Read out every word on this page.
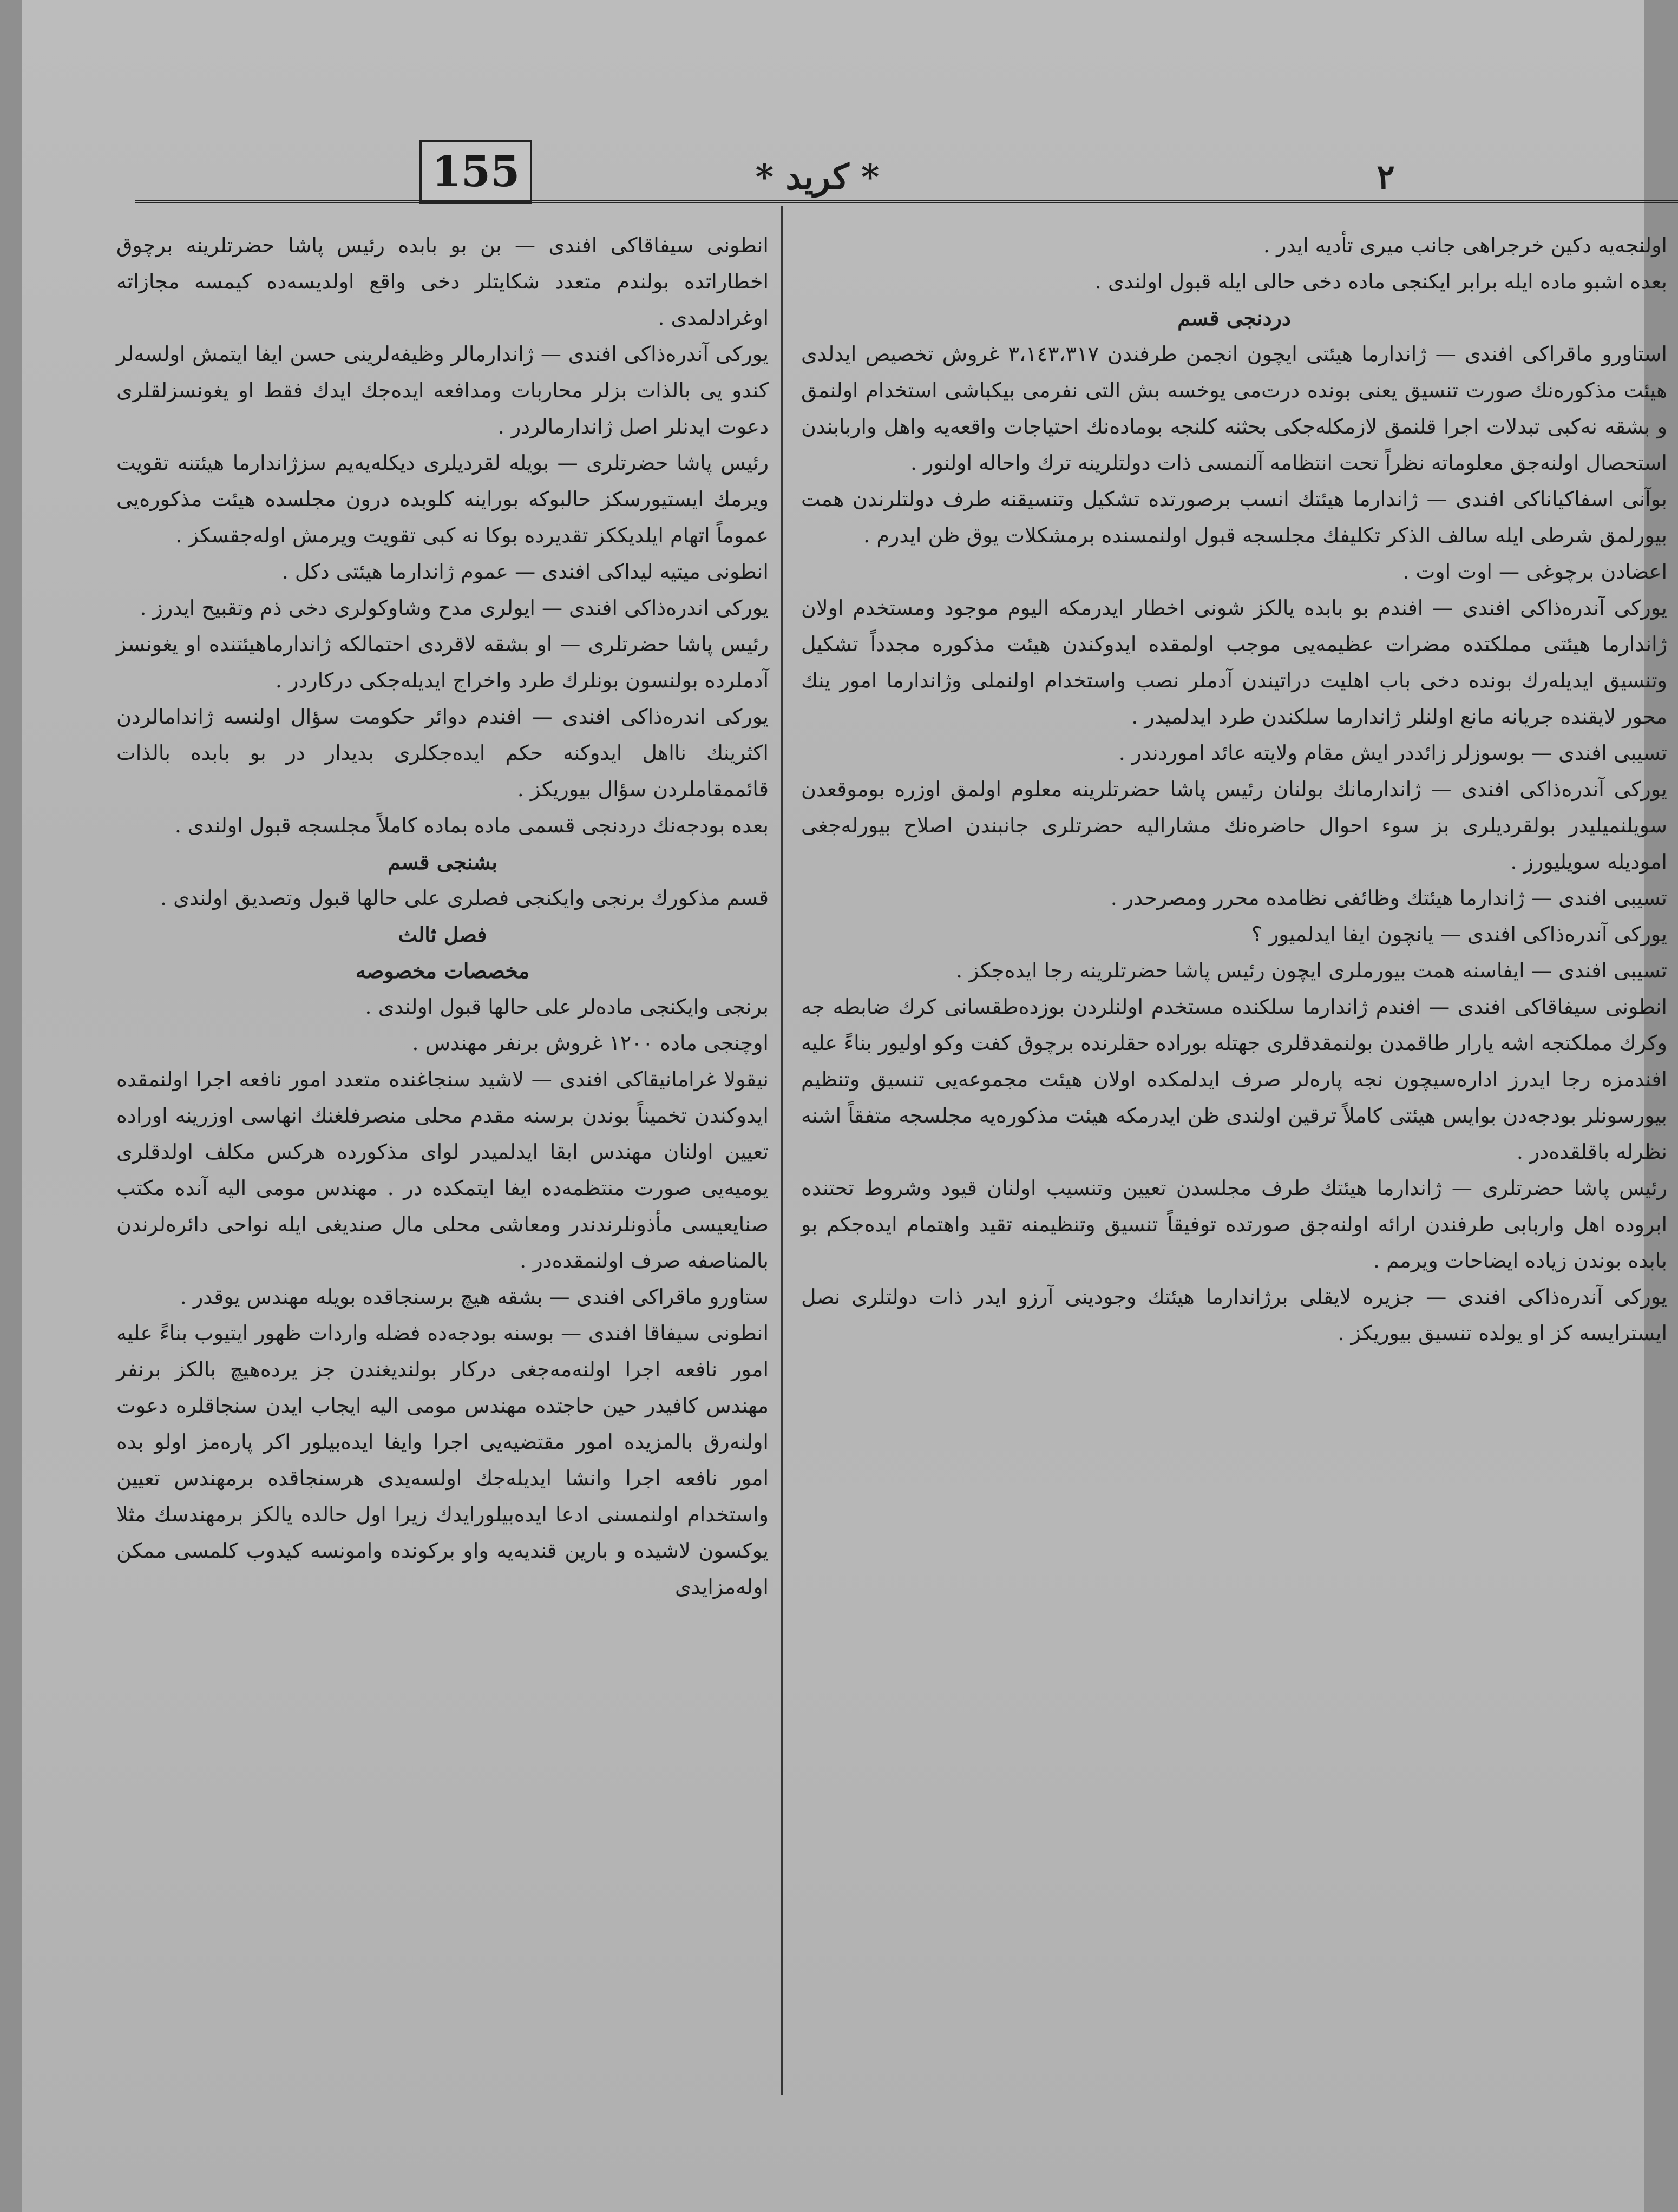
155	* کرید *	٢

اولنجه‌یه دکین خرجراهی جانب میری تأدیه ایدر .

بعده اشبو ماده ایله برابر ایکنجی ماده دخی حالی ایله قبول اولندی .

دردنجی قسم

استاورو ماقراکی افندی — ژاندارما هیئتی ایچون انجمن طرفندن ٣،١٤٣،٣١٧ غروش تخصیص ایدلدی هیئت مذکوره‌نك صورت تنسیق یعنی بونده درت‌می یوخسه بش التی نفرمی بیکباشی استخدام اولنمق و بشقه نه‌کبی تبدلات اجرا قلنمق لازمکله‌جکی بحثنه کلنجه بوماده‌نك احتیاجات واقعه‌یه واهل واربابندن استحصال اولنه‌جق معلوماته نظراً تحت انتظامه آلنمسی ذات دولتلرینه ترك واحاله اولنور .

بوآنی اسفاکیاناکی افندی — ژاندارما هیئتك انسب برصورتده تشکیل وتنسیقنه طرف دولتلرندن همت بیورلمق شرطی ایله سالف الذکر تکلیفك مجلسجه قبول اولنمسنده برمشکلات یوق ظن ایدرم .

اعضادن برچوغی — اوت اوت .

یورکی آندره‌ذاکی افندی — افندم بو بابده یالکز شونی اخطار ایدرمکه الیوم موجود ومستخدم اولان ژاندارما هیئتی مملکتده مضرات عظیمه‌یی موجب اولمقده ایدوکندن هیئت مذکوره مجدداً تشکیل وتنسیق ایدیله‌رك بونده دخی باب اهلیت دراتیندن آدملر نصب واستخدام اولنملی وژاندارما امور ینك محور لایقنده جریانه مانع اولنلر ژاندارما سلکندن طرد ایدلمیدر .

تسیبی افندی — بوسوزلر زائددر ایش مقام ولایته عائد اموردندر .

یورکی آندره‌ذاکی افندی — ژاندارمانك بولنان رئیس پاشا حضرتلرینه معلوم اولمق اوزره بوموقعدن سویلنمیلیدر بولقردیلری بز سوء احوال حاضره‌نك مشارالیه حضرتلری جانبندن اصلاح بیورله‌جغی امودیله سویلیورز .

تسیبی افندی — ژاندارما هیئتك وظائفی نظامده محرر ومصرحدر .

یورکی آندره‌ذاکی افندی — یانچون ایفا ایدلمیور ؟

تسیبی افندی — ایفاسنه همت بیورملری ایچون رئیس پاشا حضرتلرینه رجا ایده‌جکز .

انطونی سیفاقاکی افندی — افندم ژاندارما سلکنده مستخدم اولنلردن بوزده‌طقسانی کرك ضابطه جه وکرك مملکتجه اشه یارار طاقمدن بولنمقدقلری جهتله بوراده حقلرنده برچوق کفت وکو اولیور بناءً علیه افندمزه رجا ایدرز اداره‌سیچون نجه پاره‌لر صرف ایدلمکده اولان هیئت مجموعه‌یی تنسیق وتنظیم بیورسونلر بودجه‌دن بوایس هیئتی کاملاً ترقین اولندی ظن ایدرمکه هیئت مذکوره‌یه مجلسجه متفقاً اشنه نظرله باقلقده‌در .

رئیس پاشا حضرتلری — ژاندارما هیئتك طرف مجلسدن تعیین وتنسیب اولنان قیود وشروط تحتنده ابروده اهل واربابی طرفندن ارائه اولنه‌جق صورتده توفیقاً تنسیق وتنظیمنه تقید واهتمام ایده‌جکم بو بابده بوندن زیاده ایضاحات ویرمم .

یورکی آندره‌ذاکی افندی — جزیره لایقلی برژاندارما هیئتك وجودینی آرزو ایدر ذات دولتلری نصل ایسترایسه کز او یولده تنسیق بیوریکز .

انطونی سیفاقاکی افندی — بن بو بابده رئیس پاشا حضرتلرینه برچوق اخطاراتده بولندم متعدد شکایتلر دخی واقع اولدیسه‌ده کیمسه مجازاته اوغرادلمدی .

یورکی آندره‌ذاکی افندی — ژاندارمالر وظیفه‌لرینی حسن ایفا ایتمش اولسه‌لر کندو یی بالذات بزلر محاربات ومدافعه ایده‌جك ایدك فقط او یغونسزلقلری دعوت ایدنلر اصل ژاندارمالردر .

رئیس پاشا حضرتلری — بویله لقردیلری دیکله‌یه‌یم سزژاندارما هیئتنه تقویت ویرمك ایستیورسکز حالبوکه بوراینه کلوبده درون مجلسده هیئت مذکوره‌یی عموماً اتهام ایلدیککز تقدیرده بوکا نه کبی تقویت ویرمش اوله‌جقسکز .

انطونی میتیه لیداکی افندی — عموم ژاندارما هیئتی دکل .

یورکی اندره‌ذاکی افندی — ایولری مدح وشاوکولری دخی ذم وتقبیح ایدرز .

رئیس پاشا حضرتلری — او بشقه لاقردی احتمالکه ژاندارماهیئتنده او یغونسز آدملرده بولنسون بونلرك طرد واخراج ایدیله‌جکی درکاردر .

یورکی اندره‌ذاکی افندی — افندم دوائر حکومت سؤال اولنسه ژاندامالردن اکثرینك نااهل ایدوکنه حکم ایده‌جکلری بدیدار در بو بابده بالذات قائممقاملردن سؤال بیوریکز .

بعده بودجه‌نك دردنجی قسمی ماده بماده کاملاً مجلسجه قبول اولندی .

بشنجی قسم

قسم مذکورك برنجی وایکنجی فصلری علی حالها قبول وتصدیق اولندی .

فصل ثالث

مخصصات مخصوصه

برنجی وایکنجی ماده‌لر علی حالها قبول اولندی .

اوچنجی ماده ١٢٠٠ غروش برنفر مهندس .

نیقولا غرامانیقاکی افندی — لاشید سنجاغنده متعدد امور نافعه اجرا اولنمقده ایدوکندن تخمیناً بوندن برسنه مقدم محلی منصرفلغنك انهاسی اوزرینه اوراده تعیین اولنان مهندس ابقا ایدلمیدر لوای مذکورده هرکس مکلف اولدقلری یومیه‌یی صورت منتظمه‌ده ایفا ایتمکده در . مهندس مومی الیه آنده مکتب صنایعیسی مأذونلرندندر ومعاشی محلی مال صندیغی ایله نواحی دائره‌لرندن بالمناصفه صرف اولنمقده‌در .

ستاورو ماقراکی افندی — بشقه هیچ برسنجاقده بویله مهندس یوقدر .

انطونی سیفاقا افندی — بوسنه بودجه‌ده فضله واردات ظهور ایتیوب بناءً علیه امور نافعه اجرا اولنه‌مه‌جغی درکار بولندیغندن جز یرده‌هیچ بالکز برنفر مهندس کافیدر حین حاجتده مهندس مومی الیه ایجاب ایدن سنجاقلره دعوت اولنه‌رق بالمزیده امور مقتضیه‌یی اجرا وایفا ایده‌بیلور اکر پاره‌مز اولو بده امور نافعه اجرا وانشا ایدیله‌جك اولسه‌یدی هرسنجاقده برمهندس تعیین واستخدام اولنمسنی ادعا ایده‌بیلورایدك زیرا اول حالده یالکز برمهندسك مثلا یوکسون لاشیده و بارین قندیه‌یه واو برکونده وامونسه کیدوب کلمسی ممکن اوله‌مزایدی
